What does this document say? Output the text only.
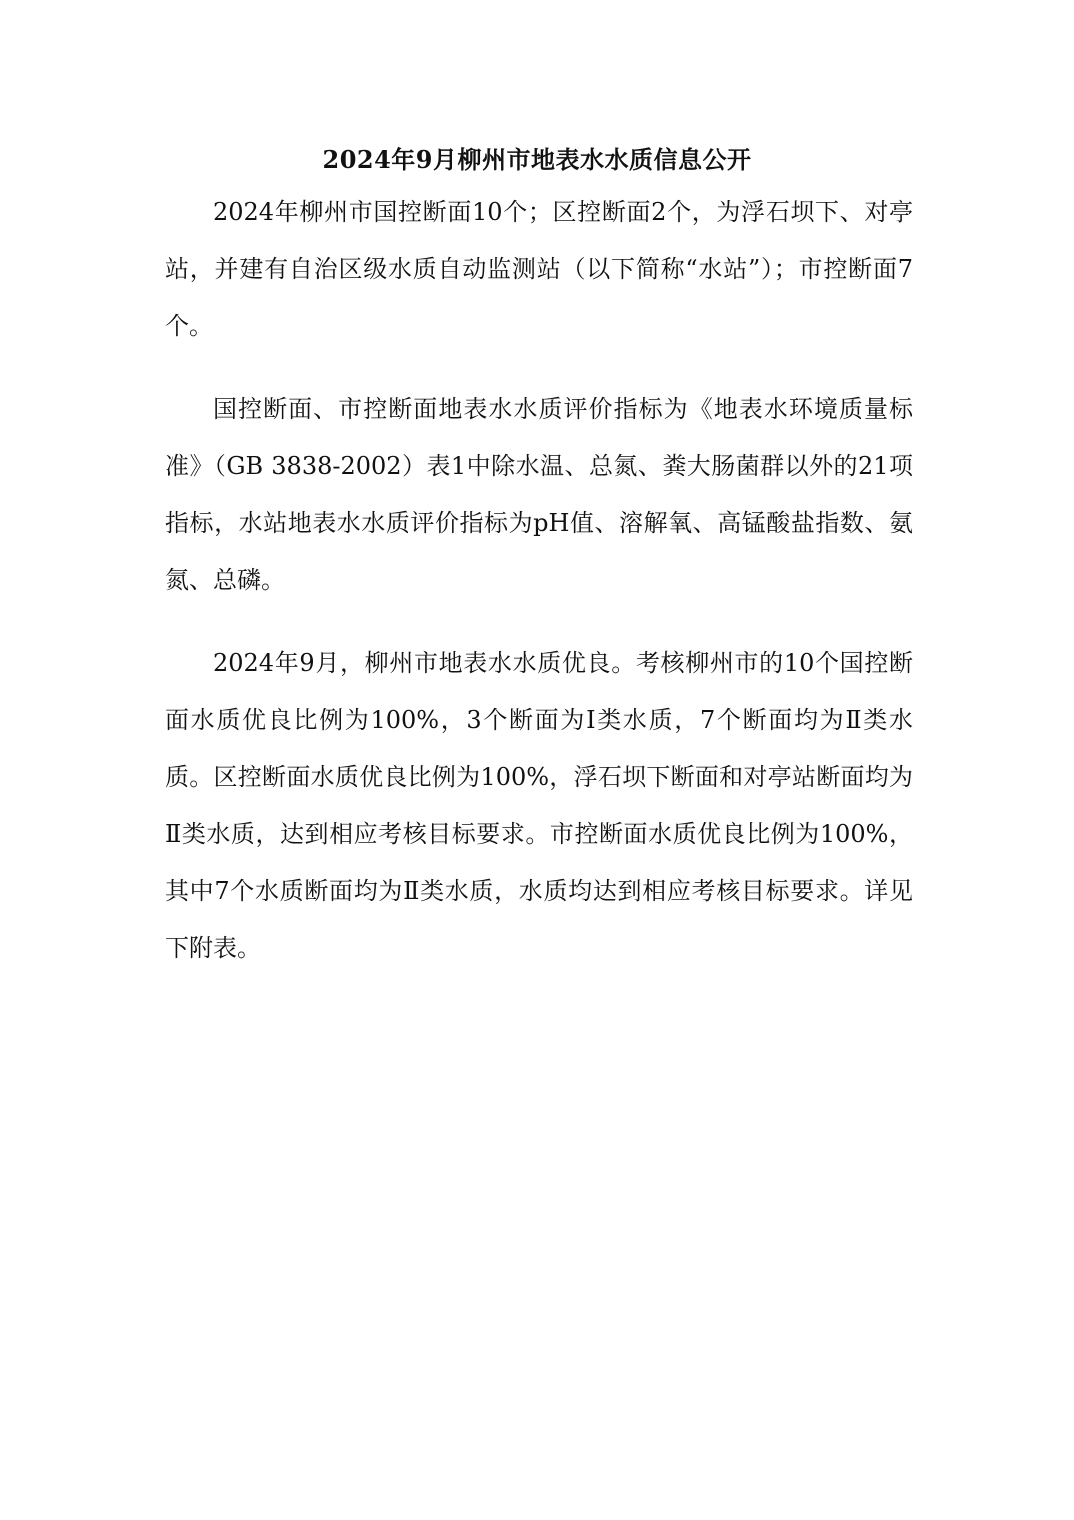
2024年9月柳州市地表水水质信息公开

2024年柳州市国控断面10个；区控断面2个，为浮石坝下、对亭站，并建有自治区级水质自动监测站（以下简称“水站”）；市控断面7个。

国控断面、市控断面地表水水质评价指标为《地表水环境质量标准》（GB 3838-2002）表1中除水温、总氮、粪大肠菌群以外的21项指标，水站地表水水质评价指标为pH值、溶解氧、高锰酸盐指数、氨氮、总磷。

2024年9月，柳州市地表水水质优良。考核柳州市的10个国控断面水质优良比例为100%，3个断面为Ⅰ类水质，7个断面均为Ⅱ类水质。区控断面水质优良比例为100%，浮石坝下断面和对亭站断面均为Ⅱ类水质，达到相应考核目标要求。市控断面水质优良比例为100%，其中7个水质断面均为Ⅱ类水质，水质均达到相应考核目标要求。详见下附表。
